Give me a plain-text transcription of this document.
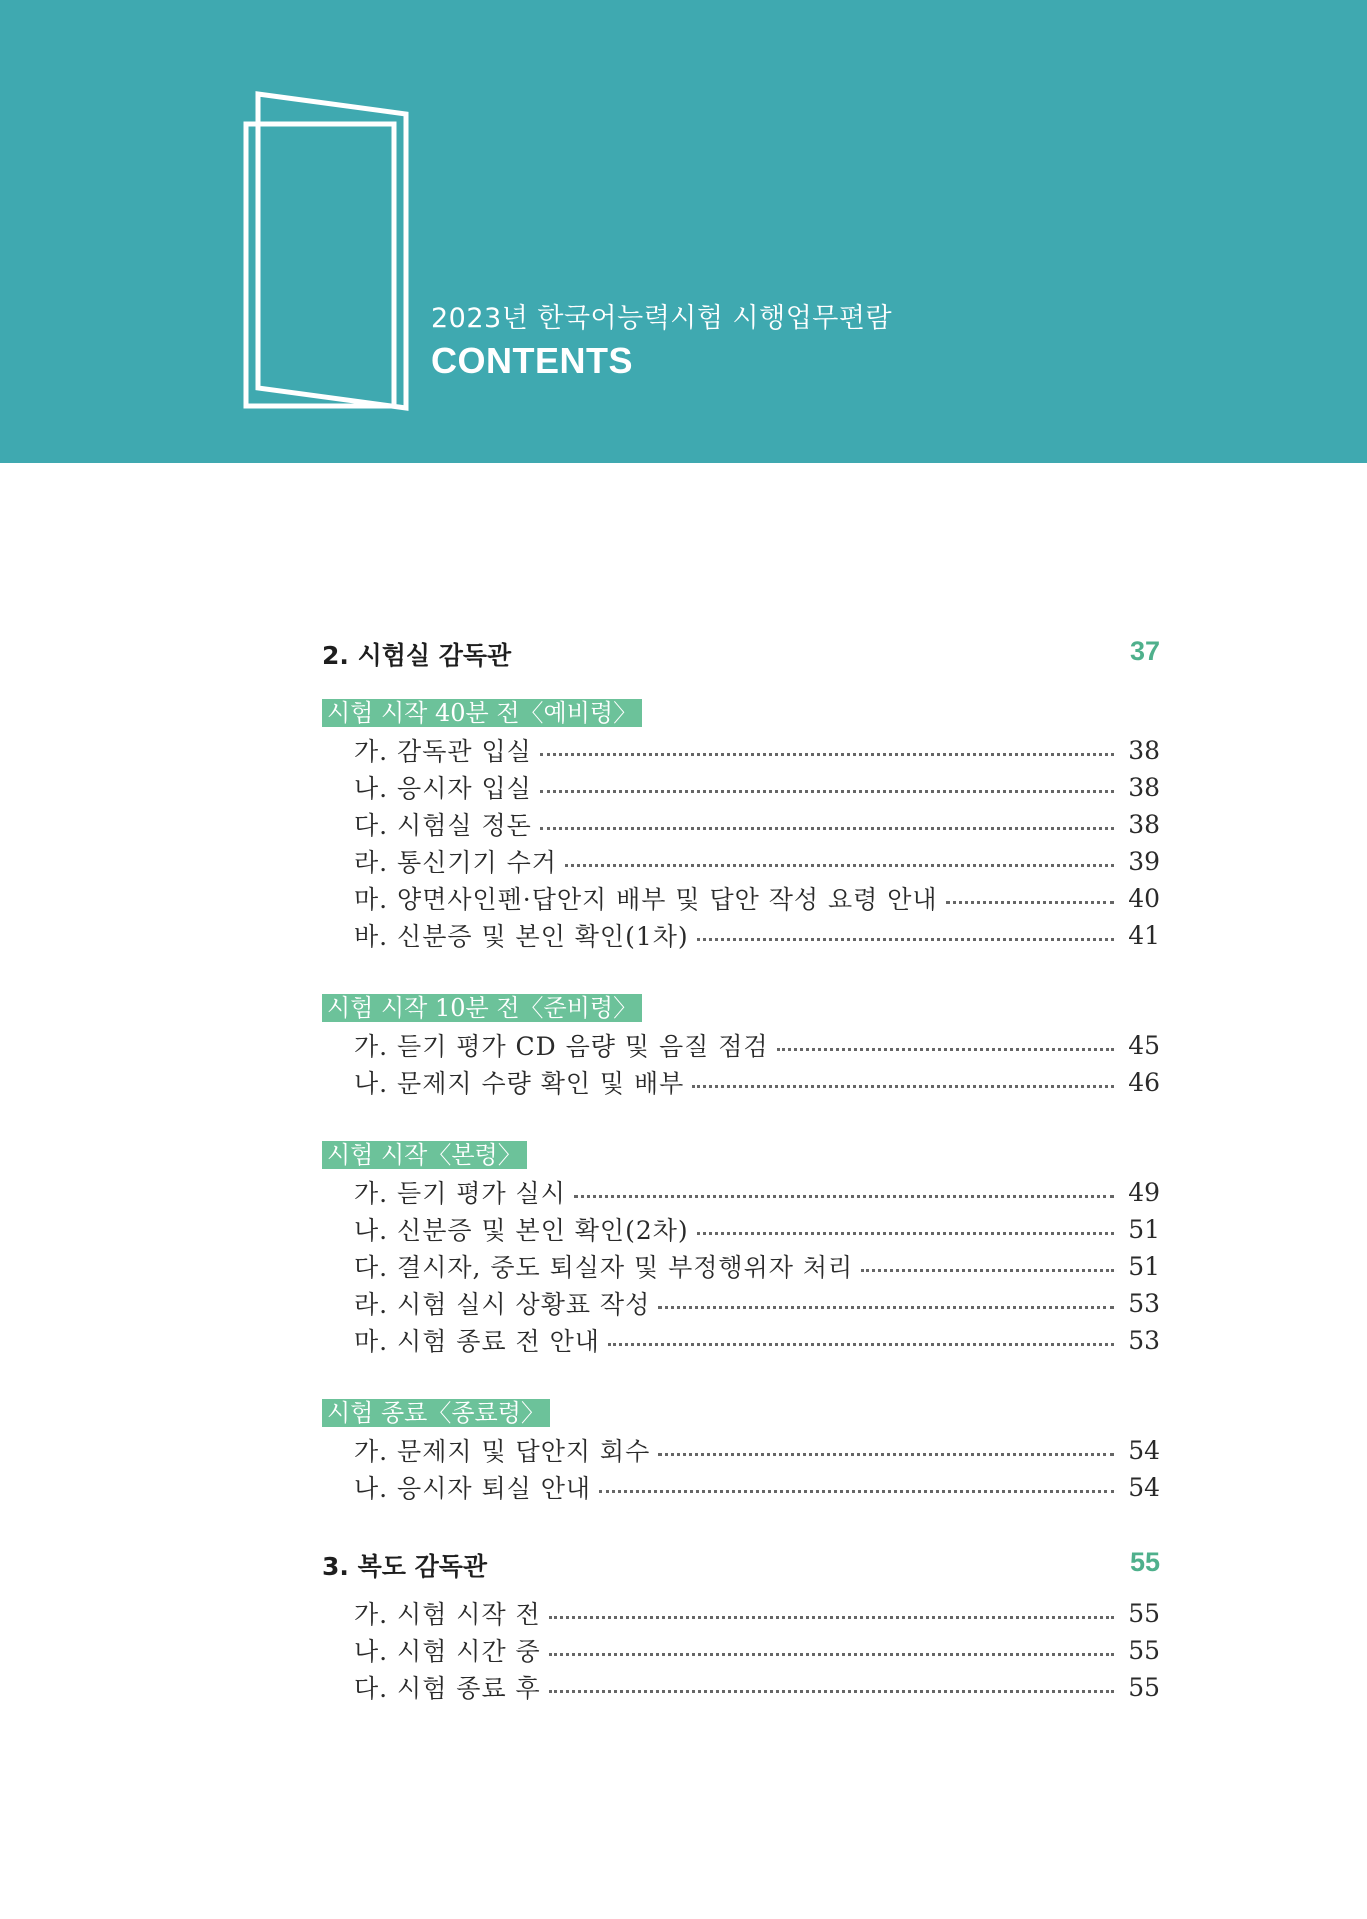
2023년 한국어능력시험 시행업무편람
CONTENTS
2. 시험실 감독관	37
시험 시작 40분 전〈예비령〉
가. 감독관 입실	38
나. 응시자 입실	38
다. 시험실 정돈	38
라. 통신기기 수거	39
마. 양면사인펜·답안지 배부 및 답안 작성 요령 안내	40
바. 신분증 및 본인 확인(1차)	41
시험 시작 10분 전〈준비령〉
가. 듣기 평가 CD 음량 및 음질 점검	45
나. 문제지 수량 확인 및 배부	46
시험 시작〈본령〉
가. 듣기 평가 실시	49
나. 신분증 및 본인 확인(2차)	51
다. 결시자, 중도 퇴실자 및 부정행위자 처리	51
라. 시험 실시 상황표 작성	53
마. 시험 종료 전 안내	53
시험 종료〈종료령〉
가. 문제지 및 답안지 회수	54
나. 응시자 퇴실 안내	54
3. 복도 감독관	55
가. 시험 시작 전	55
나. 시험 시간 중	55
다. 시험 종료 후	55
